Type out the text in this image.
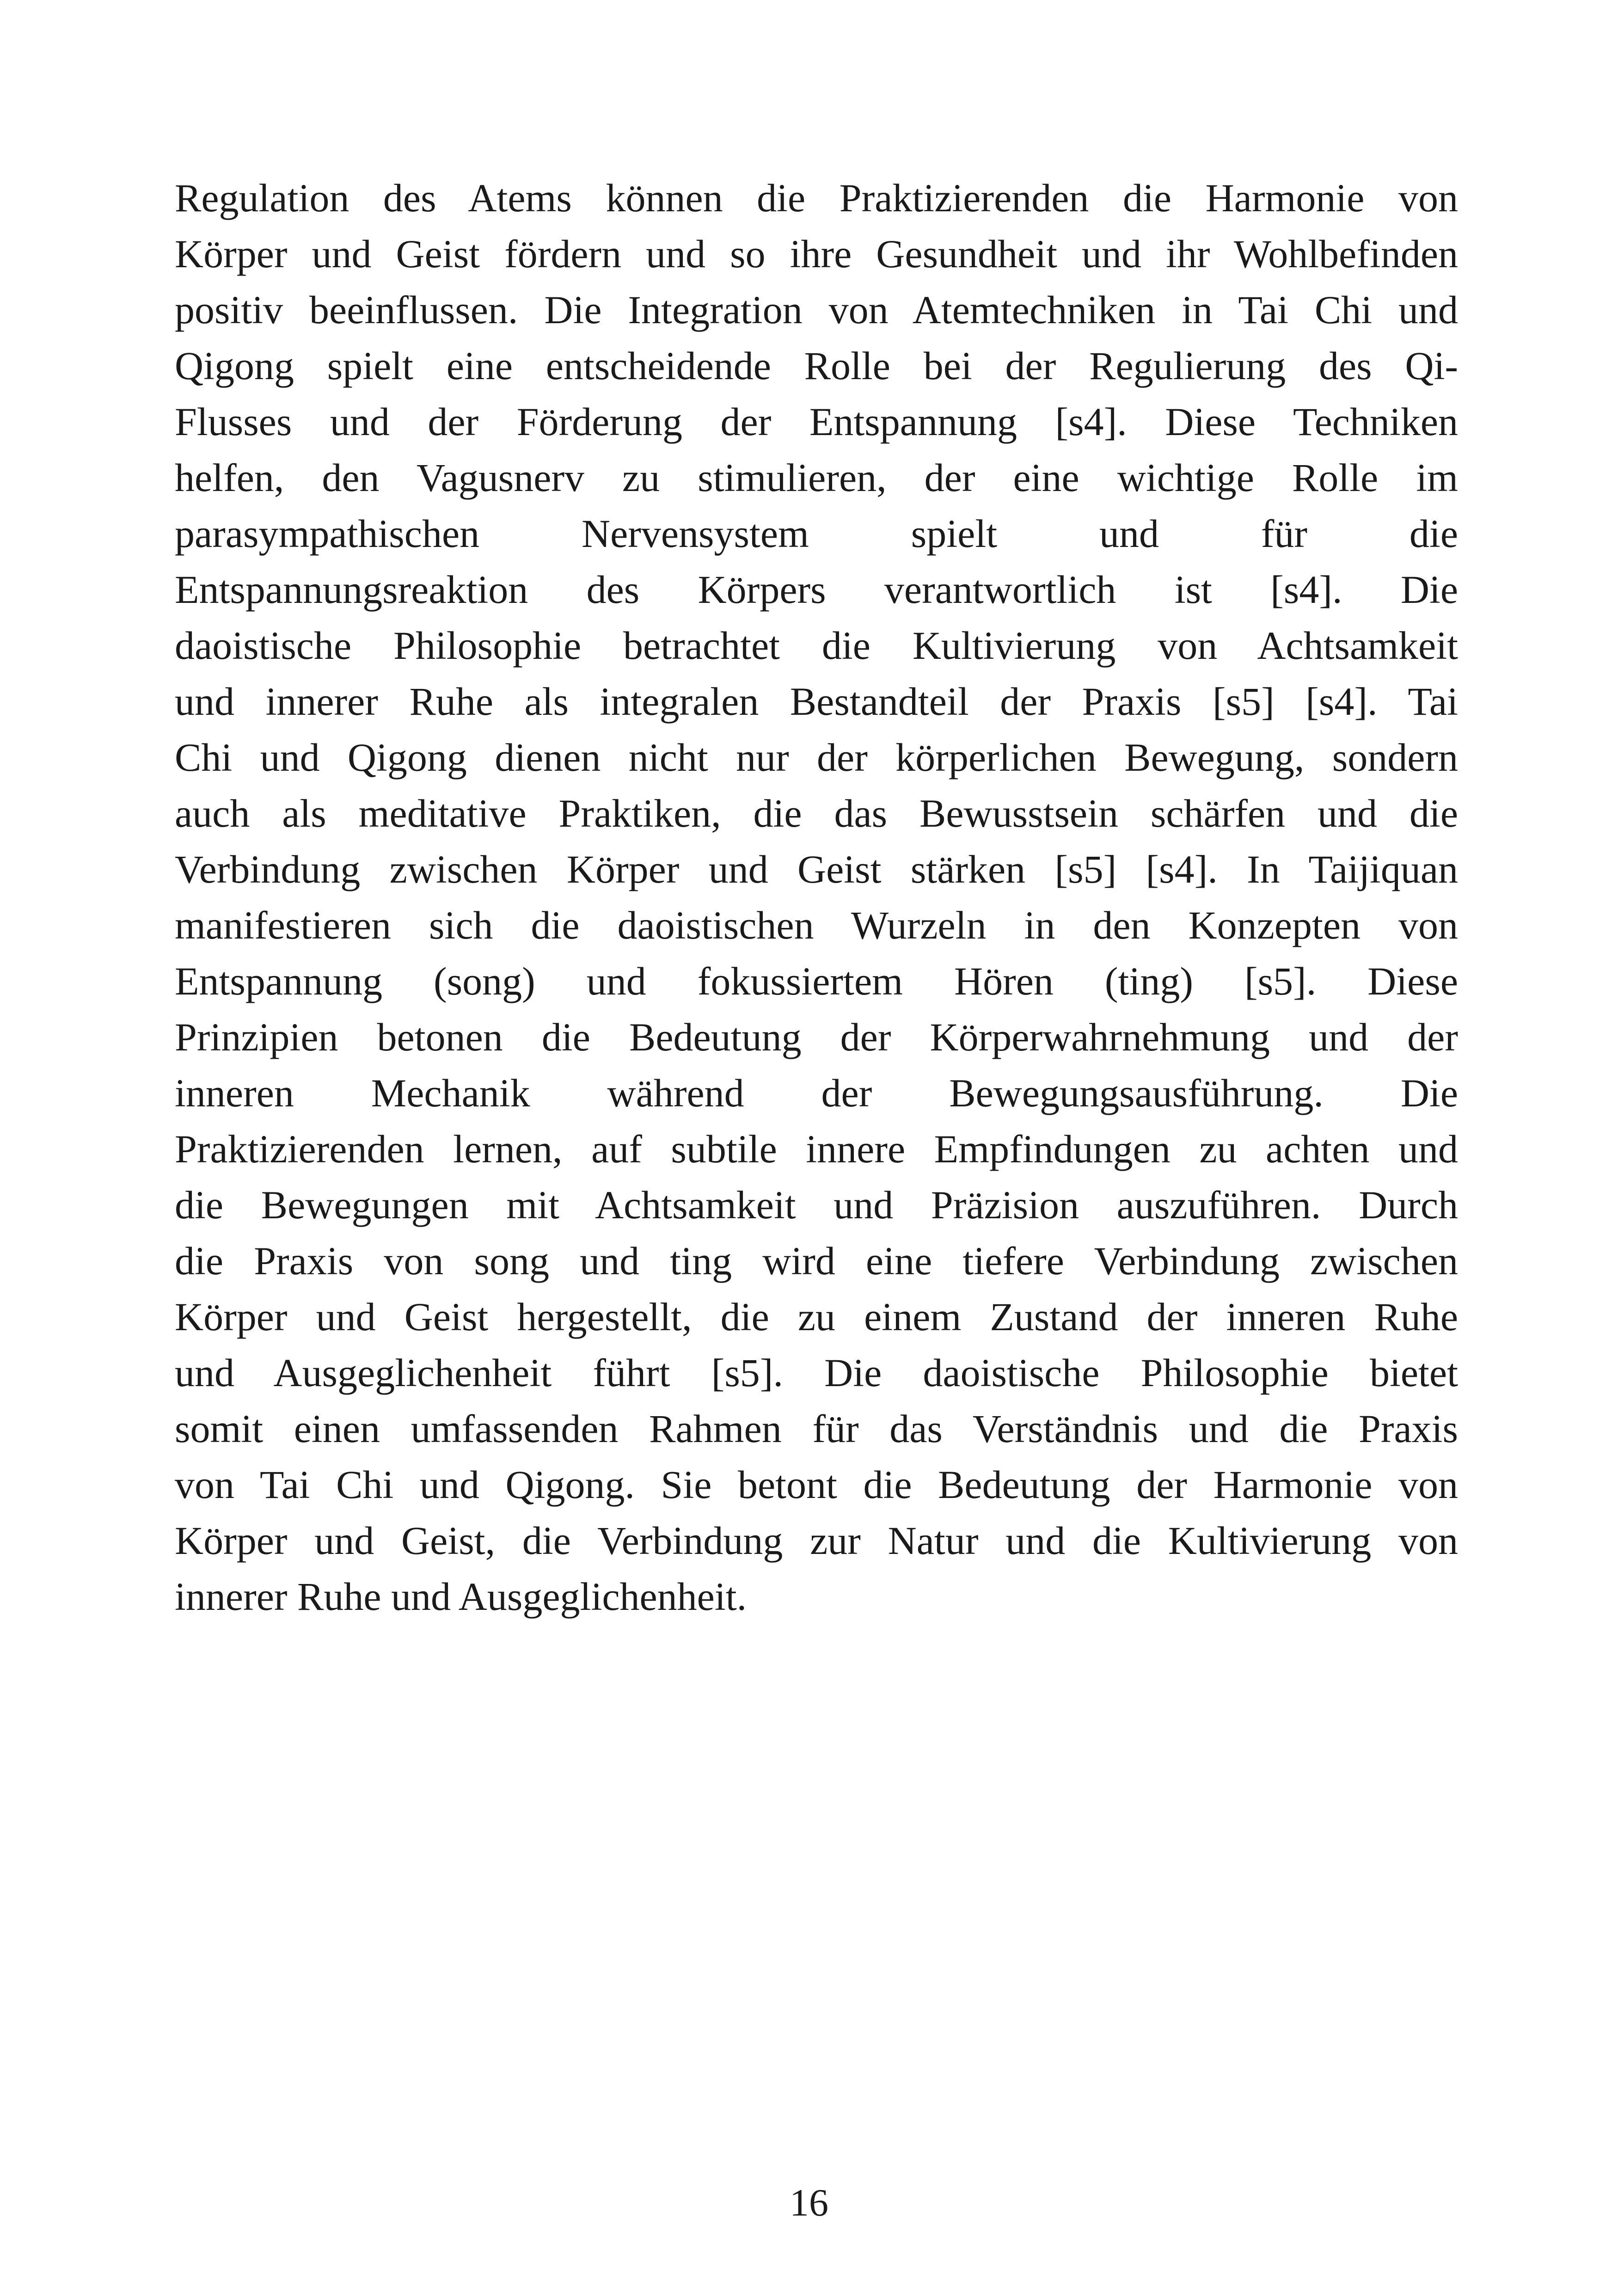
Regulation des Atems können die Praktizierenden die Harmonie von
Körper und Geist fördern und so ihre Gesundheit und ihr Wohlbefinden
positiv beeinflussen. Die Integration von Atemtechniken in Tai Chi und
Qigong spielt eine entscheidende Rolle bei der Regulierung des Qi-
Flusses und der Förderung der Entspannung [s4]. Diese Techniken
helfen, den Vagusnerv zu stimulieren, der eine wichtige Rolle im
parasympathischen Nervensystem spielt und für die
Entspannungsreaktion des Körpers verantwortlich ist [s4]. Die
daoistische Philosophie betrachtet die Kultivierung von Achtsamkeit
und innerer Ruhe als integralen Bestandteil der Praxis [s5] [s4]. Tai
Chi und Qigong dienen nicht nur der körperlichen Bewegung, sondern
auch als meditative Praktiken, die das Bewusstsein schärfen und die
Verbindung zwischen Körper und Geist stärken [s5] [s4]. In Taijiquan
manifestieren sich die daoistischen Wurzeln in den Konzepten von
Entspannung (song) und fokussiertem Hören (ting) [s5]. Diese
Prinzipien betonen die Bedeutung der Körperwahrnehmung und der
inneren Mechanik während der Bewegungsausführung. Die
Praktizierenden lernen, auf subtile innere Empfindungen zu achten und
die Bewegungen mit Achtsamkeit und Präzision auszuführen. Durch
die Praxis von song und ting wird eine tiefere Verbindung zwischen
Körper und Geist hergestellt, die zu einem Zustand der inneren Ruhe
und Ausgeglichenheit führt [s5]. Die daoistische Philosophie bietet
somit einen umfassenden Rahmen für das Verständnis und die Praxis
von Tai Chi und Qigong. Sie betont die Bedeutung der Harmonie von
Körper und Geist, die Verbindung zur Natur und die Kultivierung von
innerer Ruhe und Ausgeglichenheit.
16
